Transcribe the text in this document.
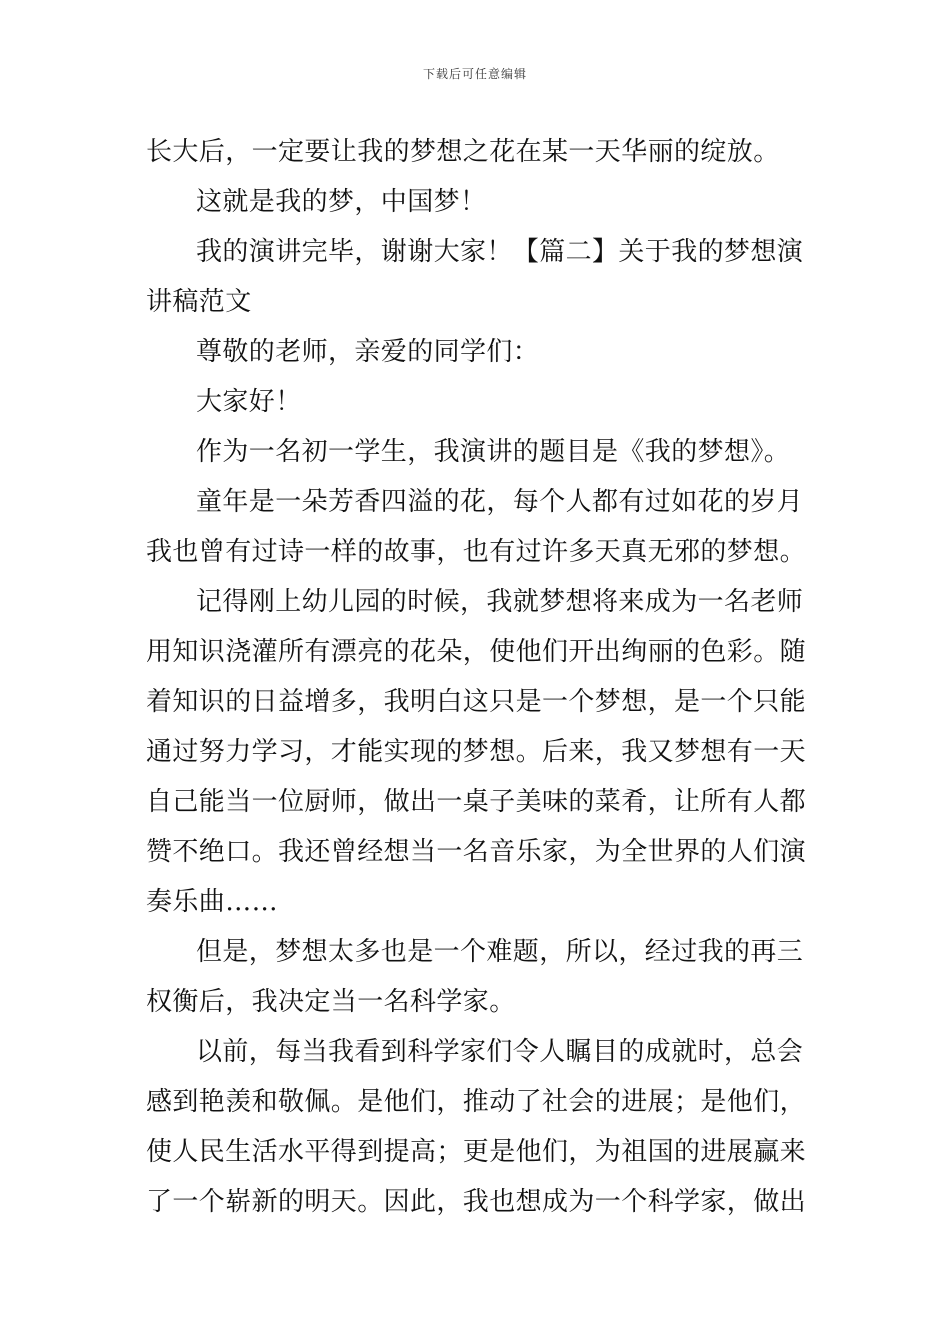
下载后可任意编辑
长大后，一定要让我的梦想之花在某一天华丽的绽放。
这就是我的梦，中国梦！
我的演讲完毕，谢谢大家！【篇二】关于我的梦想演
讲稿范文
尊敬的老师，亲爱的同学们：
大家好！
作为一名初一学生，我演讲的题目是《我的梦想》。
童年是一朵芳香四溢的花，每个人都有过如花的岁月
我也曾有过诗一样的故事，也有过许多天真无邪的梦想。
记得刚上幼儿园的时候，我就梦想将来成为一名老师
用知识浇灌所有漂亮的花朵，使他们开出绚丽的色彩。随
着知识的日益增多，我明白这只是一个梦想，是一个只能
通过努力学习，才能实现的梦想。后来，我又梦想有一天
自己能当一位厨师，做出一桌子美味的菜肴，让所有人都
赞不绝口。我还曾经想当一名音乐家，为全世界的人们演
奏乐曲……
但是，梦想太多也是一个难题，所以，经过我的再三
权衡后，我决定当一名科学家。
以前，每当我看到科学家们令人瞩目的成就时，总会
感到艳羡和敬佩。是他们，推动了社会的进展；是他们，
使人民生活水平得到提高；更是他们，为祖国的进展赢来
了一个崭新的明天。因此，我也想成为一个科学家，做出
